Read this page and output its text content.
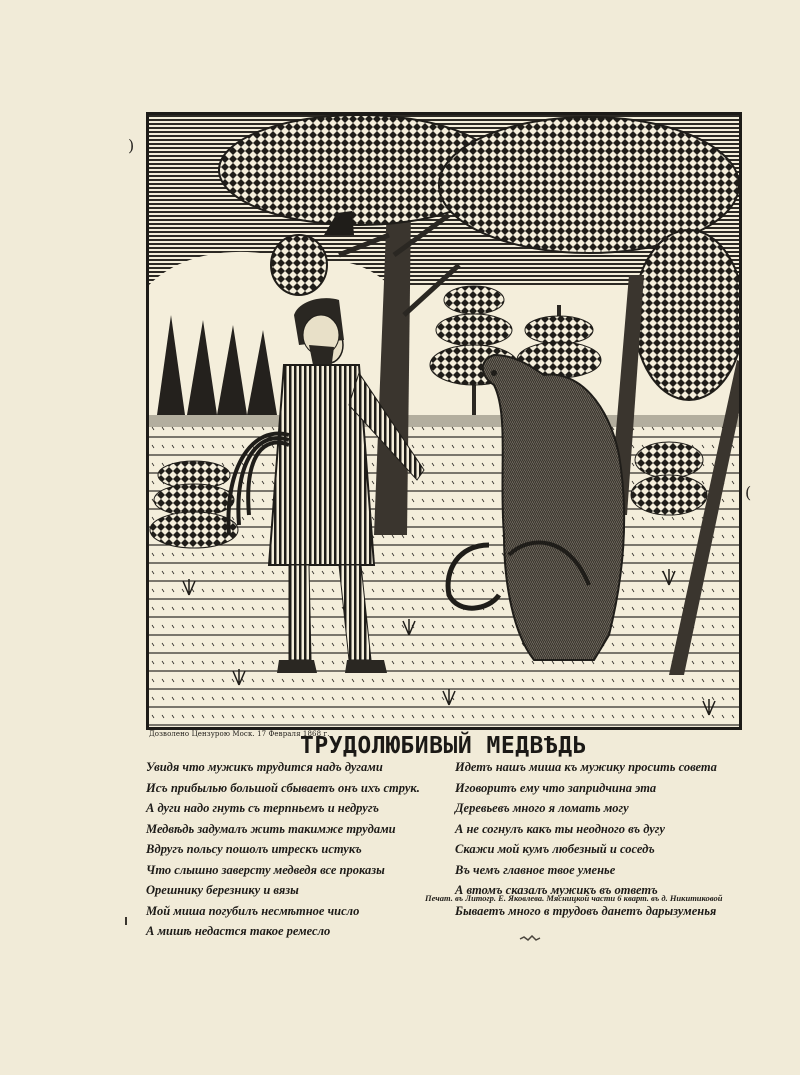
)
(
Дозволено Цензурою Моск. 17 Февраля 1868 г.
ТРУДОЛЮБИВЫЙ МЕДВѢДЬ
Увидя что мужикъ трудится надъ дугами
Исъ прибылью большой сбываетъ онъ ихъ струк.
А дуги надо гнуть съ терпньемъ и недругъ
Медвѣдь задумалъ жить такимже трудами
Вдругъ польсу пошолъ итрескъ истукъ
Что слышно заверсту медведя все проказы
Орешнику березнику и вязы
Мой миша погубилъ несмѣтное число
А мишѣ недастся такое ремесло
Идетъ нашъ миша къ мужику просить совета
Иговоритъ ему что запридчина эта
Деревьевъ много я ломать могу
А не согнулъ какъ ты неодного въ дугу
Скажи мой кумъ любезный и соседъ
Въ чемъ главное твое уменье
А втомъ сказалъ мужикъ въ ответъ
Бываетъ много в трудовъ данетъ дарызуменья
Печат. въ Литогр. Е. Яковлева. Мясницкой части 6 кварт. въ д. Никитиковой
